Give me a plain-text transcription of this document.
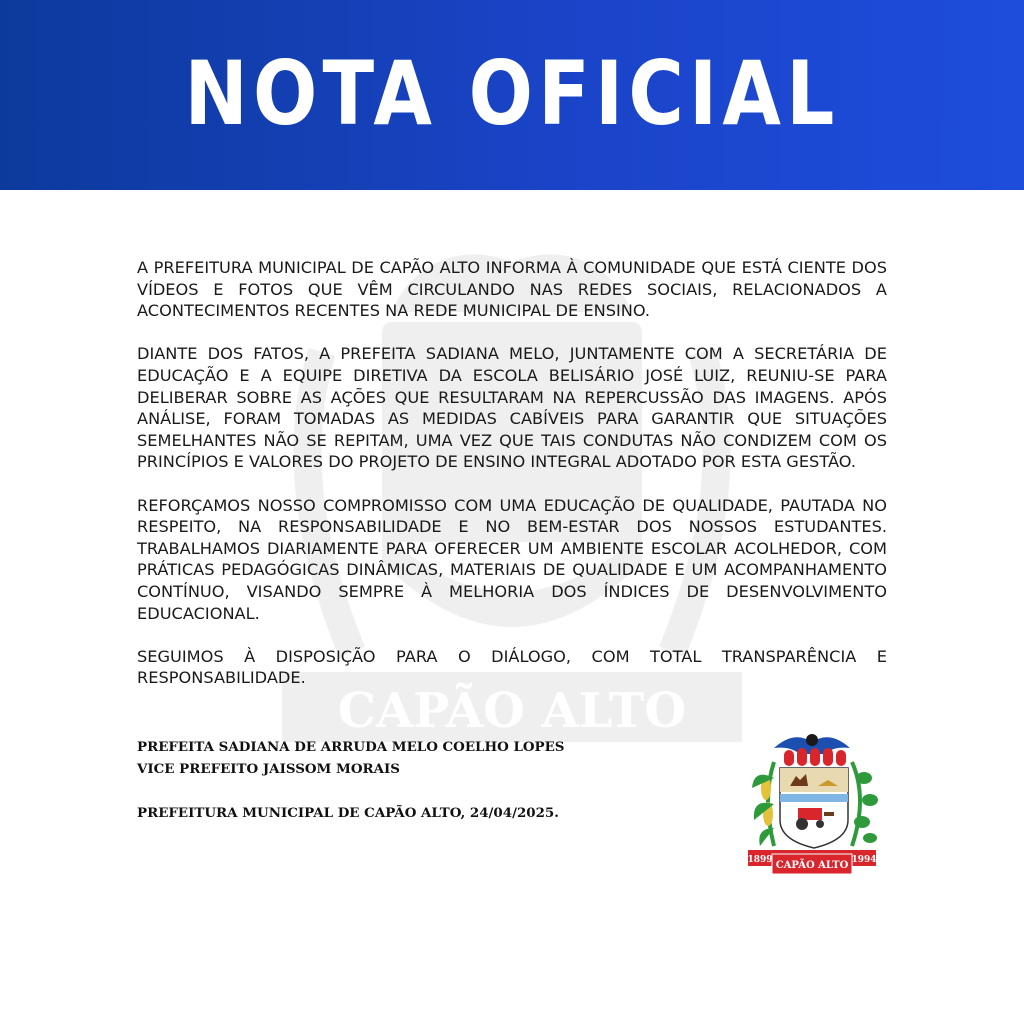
NOTA OFICIAL
CAPÃO ALTO

A PREFEITURA MUNICIPAL DE CAPÃO ALTO INFORMA À COMUNIDADE QUE ESTÁ CIENTE DOS VÍDEOS E FOTOS QUE VÊM CIRCULANDO NAS REDES SOCIAIS, RELACIONADOS A ACONTECIMENTOS RECENTES NA REDE MUNICIPAL DE ENSINO.

DIANTE DOS FATOS, A PREFEITA SADIANA MELO, JUNTAMENTE COM A SECRETÁRIA DE EDUCAÇÃO E A EQUIPE DIRETIVA DA ESCOLA BELISÁRIO JOSÉ LUIZ, REUNIU-SE PARA DELIBERAR SOBRE AS AÇÕES QUE RESULTARAM NA REPERCUSSÃO DAS IMAGENS. APÓS ANÁLISE, FORAM TOMADAS AS MEDIDAS CABÍVEIS PARA GARANTIR QUE SITUAÇÕES SEMELHANTES NÃO SE REPITAM, UMA VEZ QUE TAIS CONDUTAS NÃO CONDIZEM COM OS PRINCÍPIOS E VALORES DO PROJETO DE ENSINO INTEGRAL ADOTADO POR ESTA GESTÃO.

REFORÇAMOS NOSSO COMPROMISSO COM UMA EDUCAÇÃO DE QUALIDADE, PAUTADA NO RESPEITO, NA RESPONSABILIDADE E NO BEM-ESTAR DOS NOSSOS ESTUDANTES. TRABALHAMOS DIARIAMENTE PARA OFERECER UM AMBIENTE ESCOLAR ACOLHEDOR, COM PRÁTICAS PEDAGÓGICAS DINÂMICAS, MATERIAIS DE QUALIDADE E UM ACOMPANHAMENTO CONTÍNUO, VISANDO SEMPRE À MELHORIA DOS ÍNDICES DE DESENVOLVIMENTO EDUCACIONAL.

SEGUIMOS À DISPOSIÇÃO PARA O DIÁLOGO, COM TOTAL TRANSPARÊNCIA E RESPONSABILIDADE.

PREFEITA SADIANA DE ARRUDA MELO COELHO LOPES
VICE PREFEITO JAISSOM MORAIS
PREFEITURA MUNICIPAL DE CAPÃO ALTO, 24/04/2025.
1899	1994
CAPÃO ALTO
